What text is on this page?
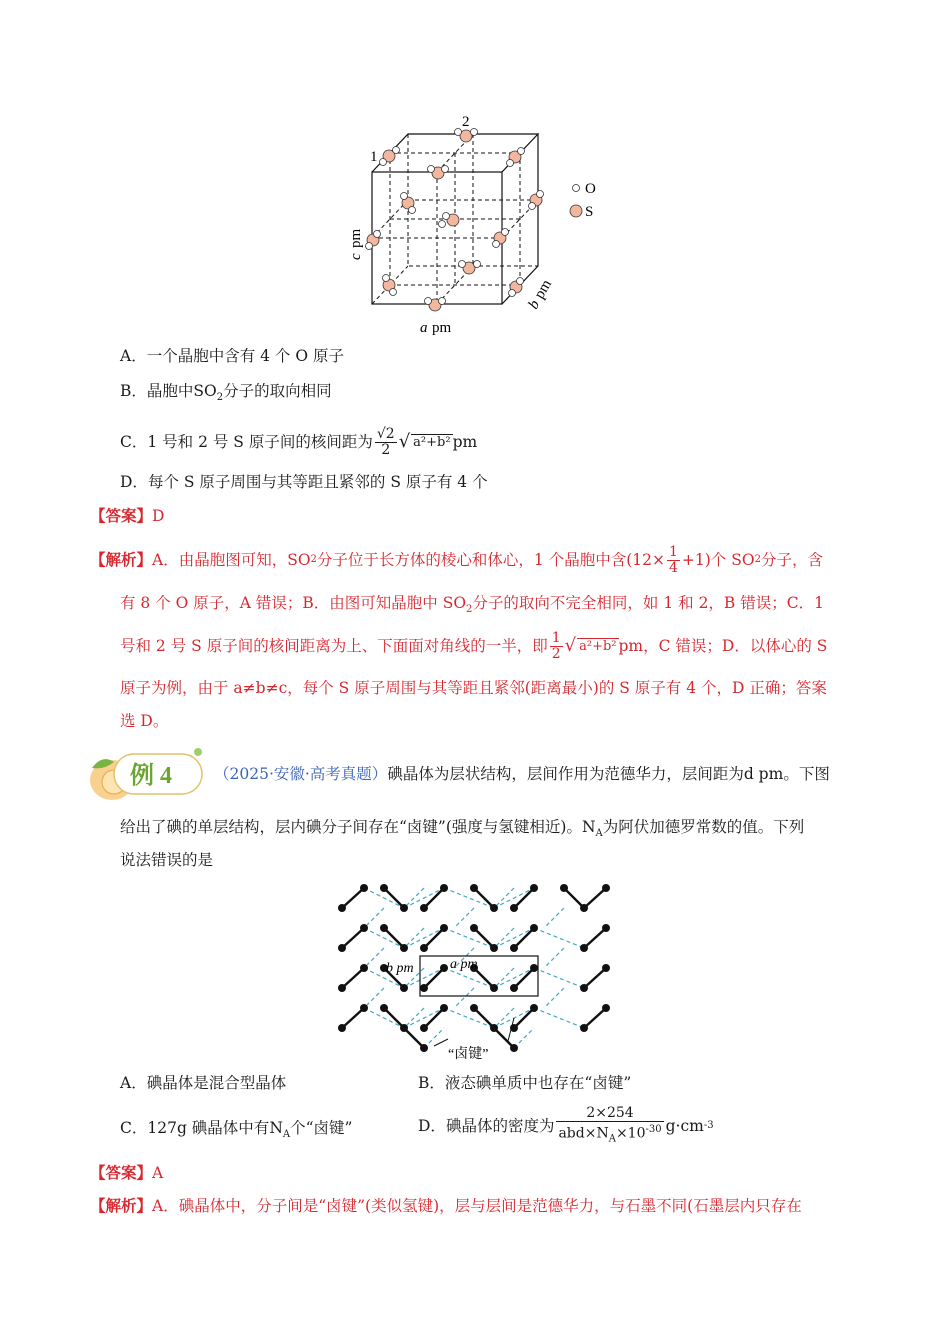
1
2
O
S
a pm
c
pm
b
pm
A．一个晶胞中含有 4 个 O 原子
B．晶胞中$SO_2$分子的取向相同
C． 1 号和 2 号 S 原子间的核间距为 $\frac{√2}{2}$ √ a²+b² pm
D．每个 S 原子周围与其等距且紧邻的 S 原子有 4 个
【答案】D
【解析】 A．由晶胞图可知，SO 2 分子位于长方体的棱心和体心，1 个晶胞中含$(12\times \frac{1}{4} +1)$个 SO 2 分子，含
有 8 个 O 原子，A 错误；B．由图可知晶胞中 $SO_2$分子的取向不完全相同，如 1 和 2，B 错误；C．1
号和 2 号 S 原子间的核间距离为上、下面面对角线的一半，即 $\frac{1}{2}$ √ a²+b² pm，C 错误；D．以体心的 S
原子为例，由于 a≠b≠c，每个 S 原子周围与其等距且紧邻(距离最小)的 S 原子有 4 个，D 正确；答案
选 D。
例 4	（2025·安徽·高考真题）碘晶体为层状结构，层间作用为范德华力，层间距为d pm。下图
给出了碘的单层结构，层内碘分子间存在“卤键”(强度与氢键相近)。$N_A$为阿伏加德罗常数的值。下列
说法错误的是
a pm
b pm
“卤键”
A．碘晶体是混合型晶体	B．液态碘单质中也存在“卤键”
C．127g 碘晶体中有$N_A$个“卤键”	D． 碘晶体的密度为 $\frac{2\times 254}{abd\times N_A\times 10^{-30}} g\cdot cm$ -3
【答案】A
【解析】A．碘晶体中，分子间是“卤键”(类似氢键)，层与层间是范德华力，与石墨不同(石墨层内只存在
